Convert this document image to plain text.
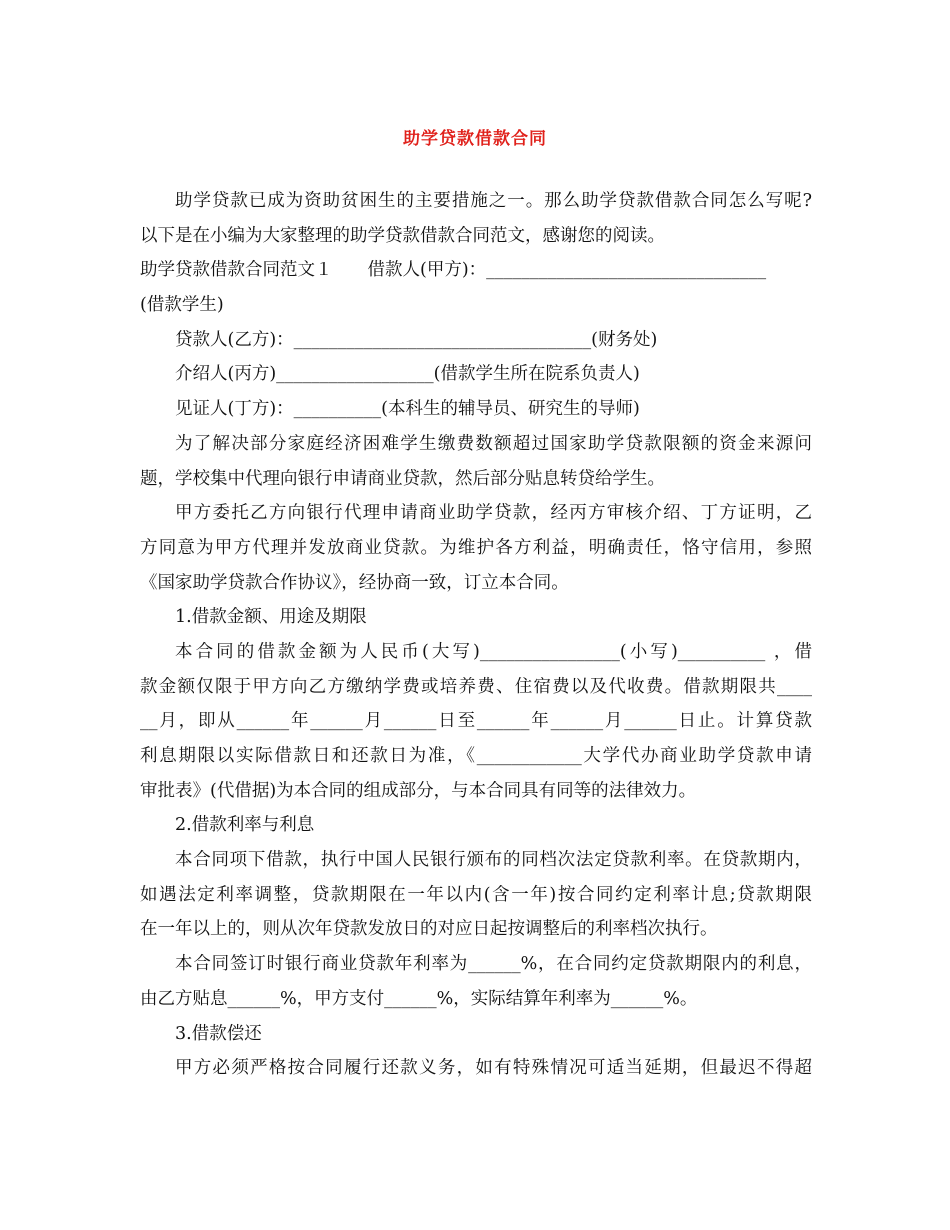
助学贷款借款合同
助学贷款已成为资助贫困生的主要措施之一。那么助学贷款借款合同怎么写呢?
以下是在小编为大家整理的助学贷款借款合同范文，感谢您的阅读。
助学贷款借款合同范文１　　借款人(甲方)：________________________________
(借款学生)
贷款人(乙方)：__________________________________(财务处)
介绍人(丙方)__________________(借款学生所在院系负责人)
见证人(丁方)：__________(本科生的辅导员、研究生的导师)
为了解决部分家庭经济困难学生缴费数额超过国家助学贷款限额的资金来源问
题，学校集中代理向银行申请商业贷款，然后部分贴息转贷给学生。
甲方委托乙方向银行代理申请商业助学贷款，经丙方审核介绍、丁方证明，乙
方同意为甲方代理并发放商业贷款。为维护各方利益，明确责任，恪守信用，参照
《国家助学贷款合作协议》，经协商一致，订立本合同。
1.借款金额、用途及期限
本合同的借款金额为人民币(大写)________________(小写)__________ ，借
款金额仅限于甲方向乙方缴纳学费或培养费、住宿费以及代收费。借款期限共____
__月，即从______年______月______日至______年______月______日止。计算贷款
利息期限以实际借款日和还款日为准，《____________大学代办商业助学贷款申请
审批表》(代借据)为本合同的组成部分，与本合同具有同等的法律效力。
2.借款利率与利息
本合同项下借款，执行中国人民银行颁布的同档次法定贷款利率。在贷款期内，
如遇法定利率调整，贷款期限在一年以内(含一年)按合同约定利率计息;贷款期限
在一年以上的，则从次年贷款发放日的对应日起按调整后的利率档次执行。
本合同签订时银行商业贷款年利率为______%，在合同约定贷款期限内的利息，
由乙方贴息______%，甲方支付______%，实际结算年利率为______%。
3.借款偿还
甲方必须严格按合同履行还款义务，如有特殊情况可适当延期，但最迟不得超
